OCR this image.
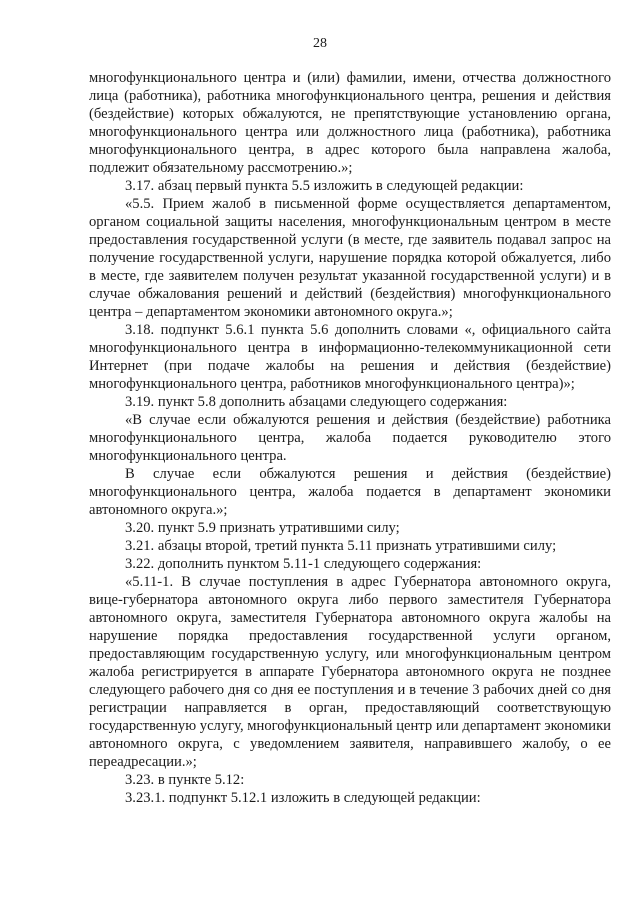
28

многофункционального центра и (или) фамилии, имени, отчества должностного лица (работника), работника многофункционального центра, решения и действия (бездействие) которых обжалуются, не препятствующие установлению органа, многофункционального центра или должностного лица (работника), работника многофункционального центра, в адрес которого была направлена жалоба, подлежит обязательному рассмотрению.»;

3.17. абзац первый пункта 5.5 изложить в следующей редакции:

«5.5. Прием жалоб в письменной форме осуществляется департаментом, органом социальной защиты населения, многофункциональным центром в месте предоставления государственной услуги (в месте, где заявитель подавал запрос на получение государственной услуги, нарушение порядка которой обжалуется, либо в месте, где заявителем получен результат указанной государственной услуги) и в случае обжалования решений и действий (бездействия) многофункционального центра – департаментом экономики автономного округа.»;

3.18. подпункт 5.6.1 пункта 5.6 дополнить словами «, официального сайта многофункционального центра в информационно-телекоммуникационной сети Интернет (при подаче жалобы на решения и действия (бездействие) многофункционального центра, работников многофункционального центра)»;

3.19. пункт 5.8 дополнить абзацами следующего содержания:

«В случае если обжалуются решения и действия (бездействие) работника многофункционального центра, жалоба подается руководителю этого многофункционального центра.

В случае если обжалуются решения и действия (бездействие) многофункционального центра, жалоба подается в департамент экономики автономного округа.»;

3.20. пункт 5.9 признать утратившими силу;

3.21. абзацы второй, третий пункта 5.11 признать утратившими силу;

3.22. дополнить пунктом 5.11-1 следующего содержания:

«5.11-1. В случае поступления в адрес Губернатора автономного округа, вице-губернатора автономного округа либо первого заместителя Губернатора автономного округа, заместителя Губернатора автономного округа жалобы на нарушение порядка предоставления государственной услуги органом, предоставляющим государственную услугу, или многофункциональным центром жалоба регистрируется в аппарате Губернатора автономного округа не позднее следующего рабочего дня со дня ее поступления и в течение 3 рабочих дней со дня регистрации направляется в орган, предоставляющий соответствующую государственную услугу, многофункциональный центр или департамент экономики автономного округа, с уведомлением заявителя, направившего жалобу, о ее переадресации.»;

3.23. в пункте 5.12:

3.23.1. подпункт 5.12.1 изложить в следующей редакции:
